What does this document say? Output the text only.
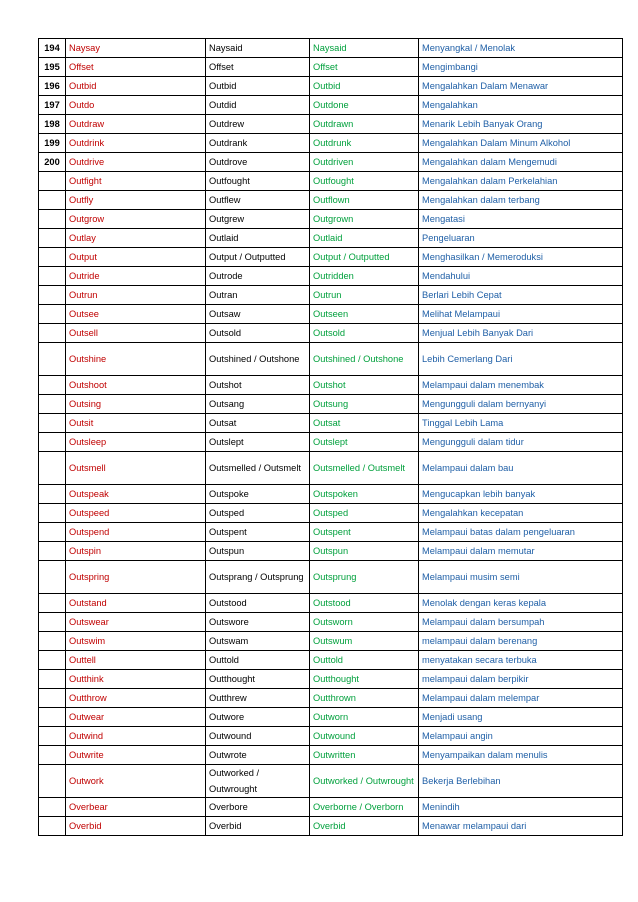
194	Naysay	Naysaid	Naysaid	Menyangkal / Menolak
195	Offset	Offset	Offset	Mengimbangi
196	Outbid	Outbid	Outbid	Mengalahkan Dalam Menawar
197	Outdo	Outdid	Outdone	Mengalahkan
198	Outdraw	Outdrew	Outdrawn	Menarik Lebih Banyak Orang
199	Outdrink	Outdrank	Outdrunk	Mengalahkan Dalam Minum Alkohol
200	Outdrive	Outdrove	Outdriven	Mengalahkan dalam Mengemudi
	Outfight	Outfought	Outfought	Mengalahkan dalam Perkelahian
	Outfly	Outflew	Outflown	Mengalahkan dalam terbang
	Outgrow	Outgrew	Outgrown	Mengatasi
	Outlay	Outlaid	Outlaid	Pengeluaran
	Output	Output / Outputted	Output / Outputted	Menghasilkan / Memeroduksi
	Outride	Outrode	Outridden	Mendahului
	Outrun	Outran	Outrun	Berlari Lebih Cepat
	Outsee	Outsaw	Outseen	Melihat Melampaui
	Outsell	Outsold	Outsold	Menjual Lebih Banyak Dari
	Outshine	Outshined / Outshone	Outshined / Outshone	Lebih Cemerlang Dari
	Outshoot	Outshot	Outshot	Melampaui dalam menembak
	Outsing	Outsang	Outsung	Mengungguli dalam bernyanyi
	Outsit	Outsat	Outsat	Tinggal Lebih Lama
	Outsleep	Outslept	Outslept	Mengungguli dalam tidur
	Outsmell	Outsmelled / Outsmelt	Outsmelled / Outsmelt	Melampaui dalam bau
	Outspeak	Outspoke	Outspoken	Mengucapkan lebih banyak
	Outspeed	Outsped	Outsped	Mengalahkan kecepatan
	Outspend	Outspent	Outspent	Melampaui batas dalam pengeluaran
	Outspin	Outspun	Outspun	Melampaui dalam memutar
	Outspring	Outsprang / Outsprung	Outsprung	Melampaui musim semi
	Outstand	Outstood	Outstood	Menolak dengan keras kepala
	Outswear	Outswore	Outsworn	Melampaui dalam bersumpah
	Outswim	Outswam	Outswum	melampaui dalam berenang
	Outtell	Outtold	Outtold	menyatakan secara terbuka
	Outthink	Outthought	Outthought	melampaui dalam berpikir
	Outthrow	Outthrew	Outthrown	Melampaui dalam melempar
	Outwear	Outwore	Outworn	Menjadi usang
	Outwind	Outwound	Outwound	Melampaui angin
	Outwrite	Outwrote	Outwritten	Menyampaikan dalam menulis
	Outwork	Outworked / Outwrought	Outworked / Outwrought	Bekerja Berlebihan
	Overbear	Overbore	Overborne / Overborn	Menindih
	Overbid	Overbid	Overbid	Menawar melampaui dari
